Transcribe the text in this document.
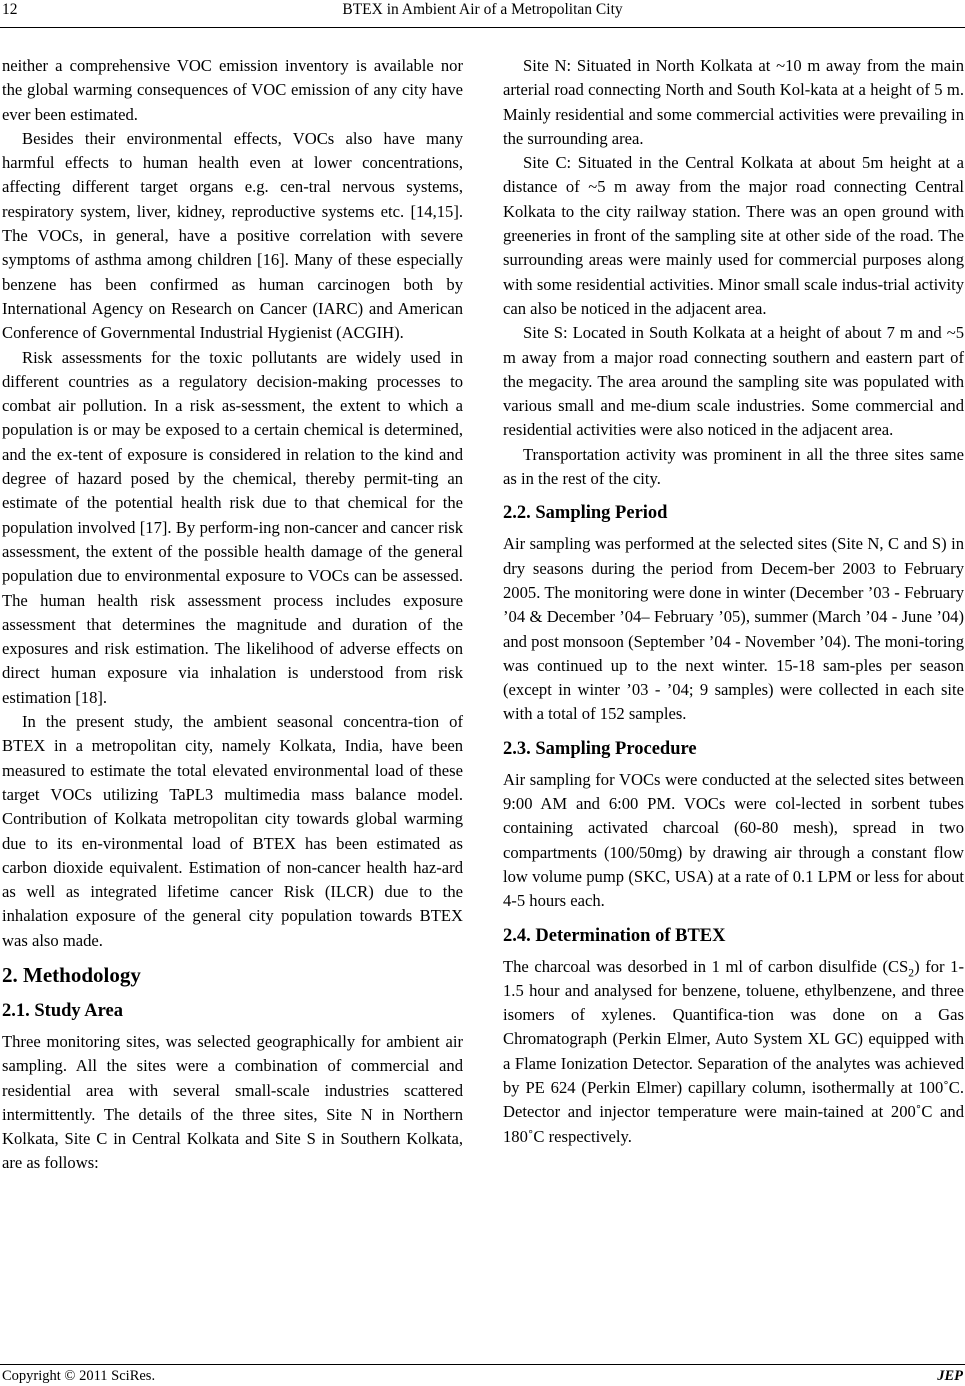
12	BTEX in Ambient Air of a Metropolitan City

neither a comprehensive VOC emission inventory is available nor the global warming consequences of VOC emission of any city have ever been estimated.

Besides their environmental effects, VOCs also have many harmful effects to human health even at lower concentrations, affecting different target organs e.g. cen-tral nervous systems, respiratory system, liver, kidney, reproductive systems etc. [14,15]. The VOCs, in general, have a positive correlation with severe symptoms of asthma among children [16]. Many of these especially benzene has been confirmed as human carcinogen both by International Agency on Research on Cancer (IARC) and American Conference of Governmental Industrial Hygienist (ACGIH).

Risk assessments for the toxic pollutants are widely used in different countries as a regulatory decision-making processes to combat air pollution. In a risk as-sessment, the extent to which a population is or may be exposed to a certain chemical is determined, and the ex-tent of exposure is considered in relation to the kind and degree of hazard posed by the chemical, thereby permit-ting an estimate of the potential health risk due to that chemical for the population involved [17]. By perform-ing non-cancer and cancer risk assessment, the extent of the possible health damage of the general population due to environmental exposure to VOCs can be assessed. The human health risk assessment process includes exposure assessment that determines the magnitude and duration of the exposures and risk estimation. The likelihood of adverse effects on direct human exposure via inhalation is understood from risk estimation [18].

In the present study, the ambient seasonal concentra-tion of BTEX in a metropolitan city, namely Kolkata, India, have been measured to estimate the total elevated environmental load of these target VOCs utilizing TaPL3 multimedia mass balance model. Contribution of Kolkata metropolitan city towards global warming due to its en-vironmental load of BTEX has been estimated as carbon dioxide equivalent. Estimation of non-cancer health haz-ard as well as integrated lifetime cancer Risk (ILCR) due to the inhalation exposure of the general city population towards BTEX was also made.

2. Methodology
2.1. Study Area

Three monitoring sites, was selected geographically for ambient air sampling. All the sites were a combination of commercial and residential area with several small-scale industries scattered intermittently. The details of the three sites, Site N in Northern Kolkata, Site C in Central Kolkata and Site S in Southern Kolkata, are as follows:

Site N: Situated in North Kolkata at ~10 m away from the main arterial road connecting North and South Kol-kata at a height of 5 m. Mainly residential and some commercial activities were prevailing in the surrounding area.

Site C: Situated in the Central Kolkata at about 5m height at a distance of ~5 m away from the major road connecting Central Kolkata to the city railway station. There was an open ground with greeneries in front of the sampling site at other side of the road. The surrounding areas were mainly used for commercial purposes along with some residential activities. Minor small scale indus-trial activity can also be noticed in the adjacent area.

Site S: Located in South Kolkata at a height of about 7 m and ~5 m away from a major road connecting southern and eastern part of the megacity. The area around the sampling site was populated with various small and me-dium scale industries. Some commercial and residential activities were also noticed in the adjacent area.

Transportation activity was prominent in all the three sites same as in the rest of the city.

2.2. Sampling Period

Air sampling was performed at the selected sites (Site N, C and S) in dry seasons during the period from Decem-ber 2003 to February 2005. The monitoring were done in winter (December ’03 - February ’04 & December ’04– February ’05), summer (March ’04 - June ’04) and post monsoon (September ’04 - November ’04). The moni-toring was continued up to the next winter. 15-18 sam-ples per season (except in winter ’03 - ’04; 9 samples) were collected in each site with a total of 152 samples.

2.3. Sampling Procedure

Air sampling for VOCs were conducted at the selected sites between 9:00 AM and 6:00 PM. VOCs were col-lected in sorbent tubes containing activated charcoal (60-80 mesh), spread in two compartments (100/50mg) by drawing air through a constant flow low volume pump (SKC, USA) at a rate of 0.1 LPM or less for about 4-5 hours each.

2.4. Determination of BTEX

The charcoal was desorbed in 1 ml of carbon disulfide $(CS_2)$ for 1-1.5 hour and analysed for benzene, toluene, ethylbenzene, and three isomers of xylenes. Quantifica-tion was done on a Gas Chromatograph (Perkin Elmer, Auto System XL GC) equipped with a Flame Ionization Detector. Separation of the analytes was achieved by PE 624 (Perkin Elmer) capillary column, isothermally at 100˚C. Detector and injector temperature were main-tained at 200˚C and 180˚C respectively.

Copyright © 2011 SciRes.	JEP
